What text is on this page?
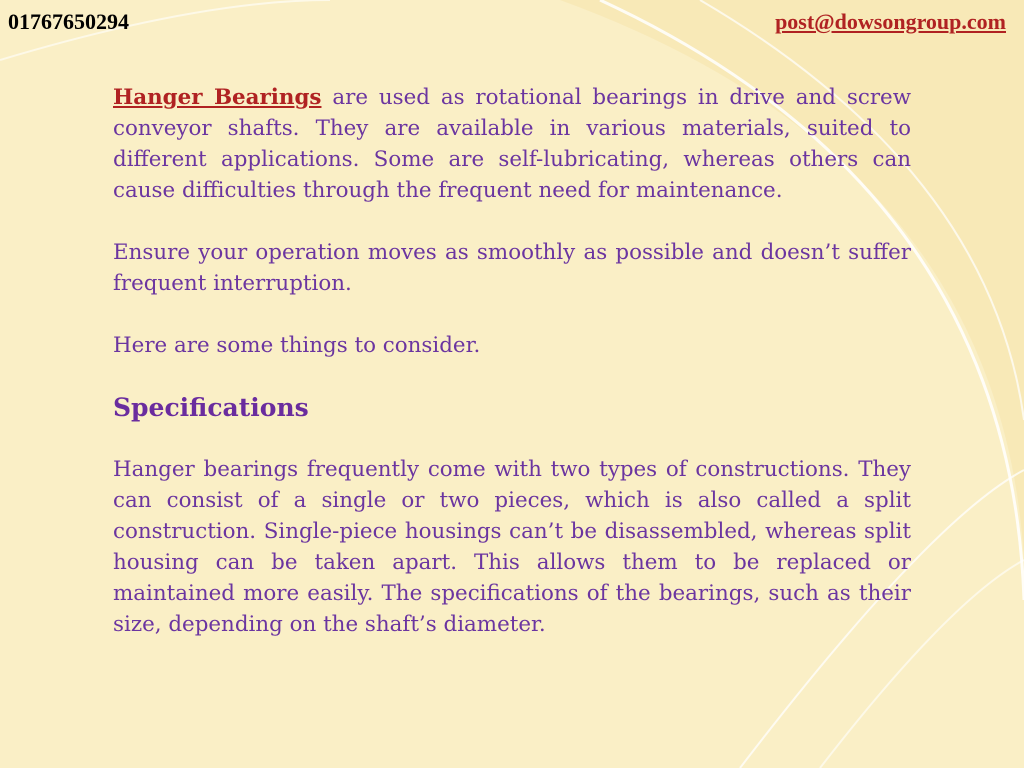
01767650294	post@dowsongroup.com

Hanger Bearings are used as rotational bearings in drive and screw conveyor shafts. They are available in various materials, suited to different applications. Some are self-lubricating, whereas others can cause difficulties through the frequent need for maintenance.

Ensure your operation moves as smoothly as possible and doesn’t suffer frequent interruption.

Here are some things to consider.

Specifications

Hanger bearings frequently come with two types of constructions. They can consist of a single or two pieces, which is also called a split construction. Single-piece housings can’t be disassembled, whereas split housing can be taken apart. This allows them to be replaced or maintained more easily. The specifications of the bearings, such as their size, depending on the shaft’s diameter.
